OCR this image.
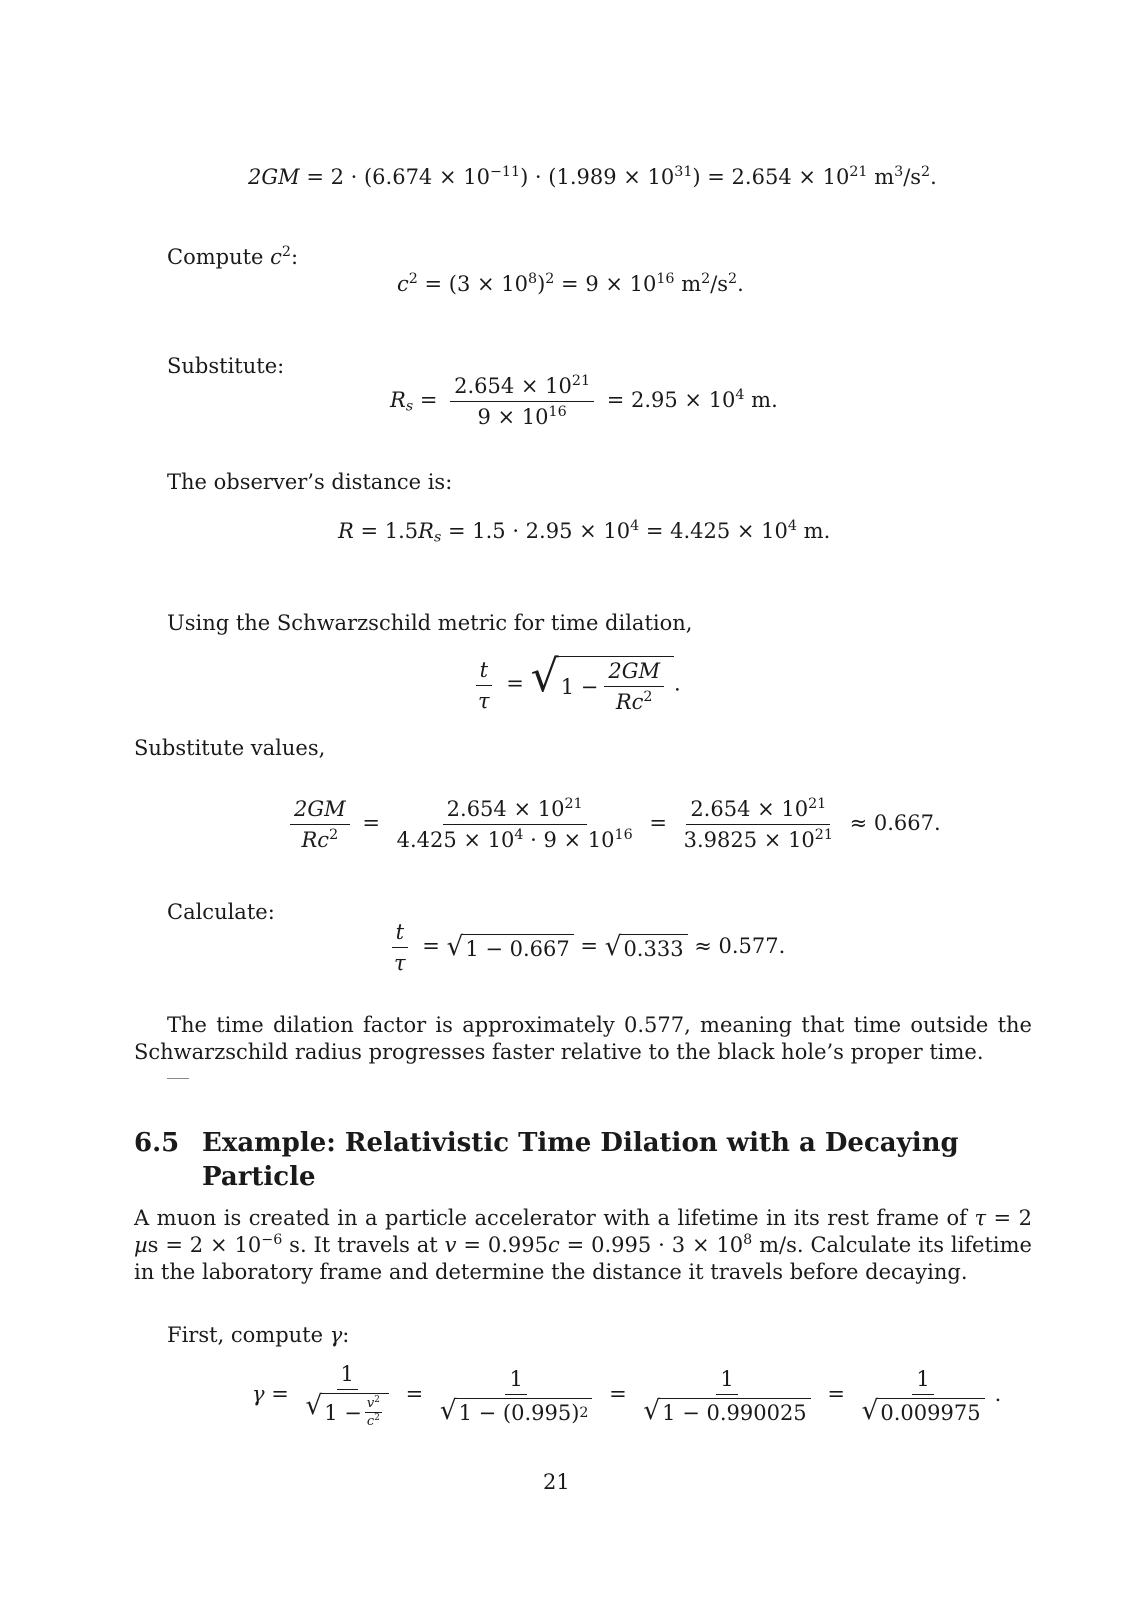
$2GM = 2 \cdot (6.674 \times 10^{-11}) \cdot (1.989 \times 10^{31}) = 2.654 \times 10^{21}$ $m^3/s^2$.
Compute $c^2$:
$c^2 = (3 \times 10^8)^2 = 9 \times 10^{16}$ $m^2/s^2$.
Substitute:
$R_s = \frac{2.654 \times 10^{21}}{9 \times 10^{16}} = 2.95 \times 10^4$ m.
The observer’s distance is:
$R = 1.5R_s = 1.5 \cdot 2.95 \times 10^4 = 4.425 \times 10^4$ m.
Using the Schwarzschild metric for time dilation,
$\frac{t}{\tau}$ = √ $1 - \frac{2GM}{Rc^2}$ .
Substitute values,
$\frac{2GM}{Rc^2} = \frac{2.654 \times 10^{21}}{4.425 \times 10^4 \cdot 9 \times 10^{16}} = \frac{2.654 \times 10^{21}}{3.9825 \times 10^{21}} \approx 0.667$.
Calculate:
$\frac{t}{\tau}$ = √ 1 − 0.667 = √ 0.333 ≈ 0.577.
The time dilation factor is approximately 0.577, meaning that time outside the Schwarzschild radius progresses faster relative to the black hole’s proper time.
6.5 Example: Relativistic Time Dilation with a Decaying Particle
A muon is created in a particle accelerator with a lifetime in its rest frame of τ = 2 $\mu s = 2 \times 10^{-6}$ s. It travels at $v = 0.995c = 0.995 \cdot 3 \times 10^8$ m/s. Calculate its lifetime in the laboratory frame and determine the distance it travels before decaying.
First, compute γ:
$\gamma = \frac{1}{√ 1 - \frac{v^2}{c^2}} = \frac{1}{√ 1 - (0.995) 2} = \frac{1}{√ 1 - 0.990025} = \frac{1}{√ 0.009975}$ .
21
